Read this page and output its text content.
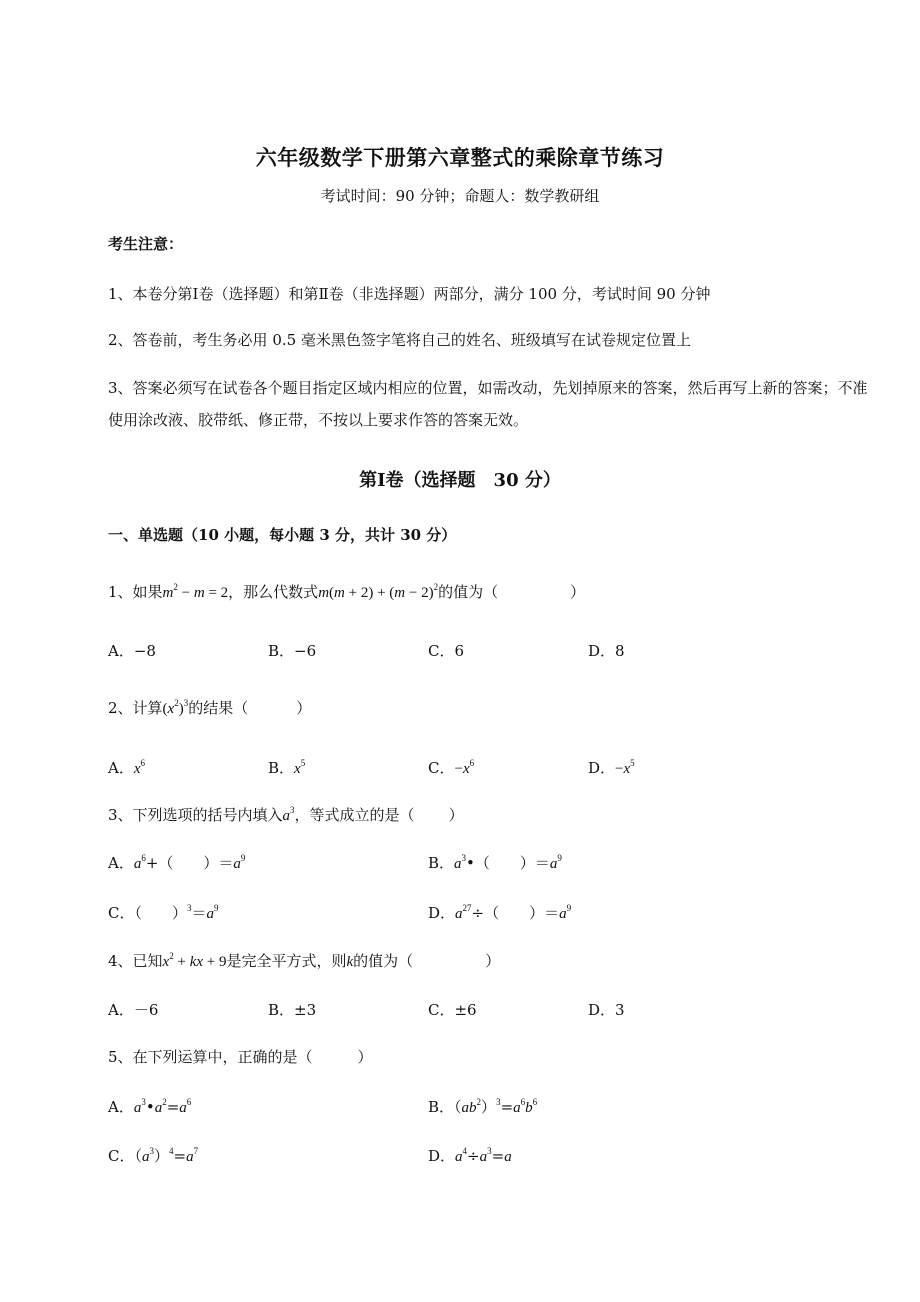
六年级数学下册第六章整式的乘除章节练习
考试时间：90 分钟；命题人：数学教研组
考生注意：
1、本卷分第Ⅰ卷（选择题）和第Ⅱ卷（非选择题）两部分，满分 100 分，考试时间 90 分钟
2、答卷前，考生务必用 0.5 毫米黑色签字笔将自己的姓名、班级填写在试卷规定位置上
3、答案必须写在试卷各个题目指定区域内相应的位置，如需改动，先划掉原来的答案，然后再写上新的答案；不准使用涂改液、胶带纸、修正带，不按以上要求作答的答案无效。
第Ⅰ卷（选择题　30 分）
一、单选题（10 小题，每小题 3 分，共计 30 分）
1、如果$m^2 - m = 2$，那么代数式$m(m + 2) + (m - 2)^2$的值为（	）
A．−8	B．−6	C．6	D．8
2、计算$(x^2)^3$的结果（	）
A．$x^6$	B．$x^5$	C．$-x^6$	D．$-x^5$
3、下列选项的括号内填入$a^3$，等式成立的是（ ）
A．$a^6+$（　　）$=a^9$	B．$a^3•$（　　）$=a^9$
C．（　　）$^3=a^9$	D．$a^{27}\div$（　　）$=a^9$
4、已知$x^2$ + kx + 9是完全平方式，则k的值为（	）
A．－6	B．±3	C．±6	D．3
5、在下列运算中，正确的是（　　　）
A．$a^3•a^2=a^6$	B．$(ab^2)^3=a^6b^6$
C．$(a^3)^4=a^7$	D．$a^4\div a^3=a$
